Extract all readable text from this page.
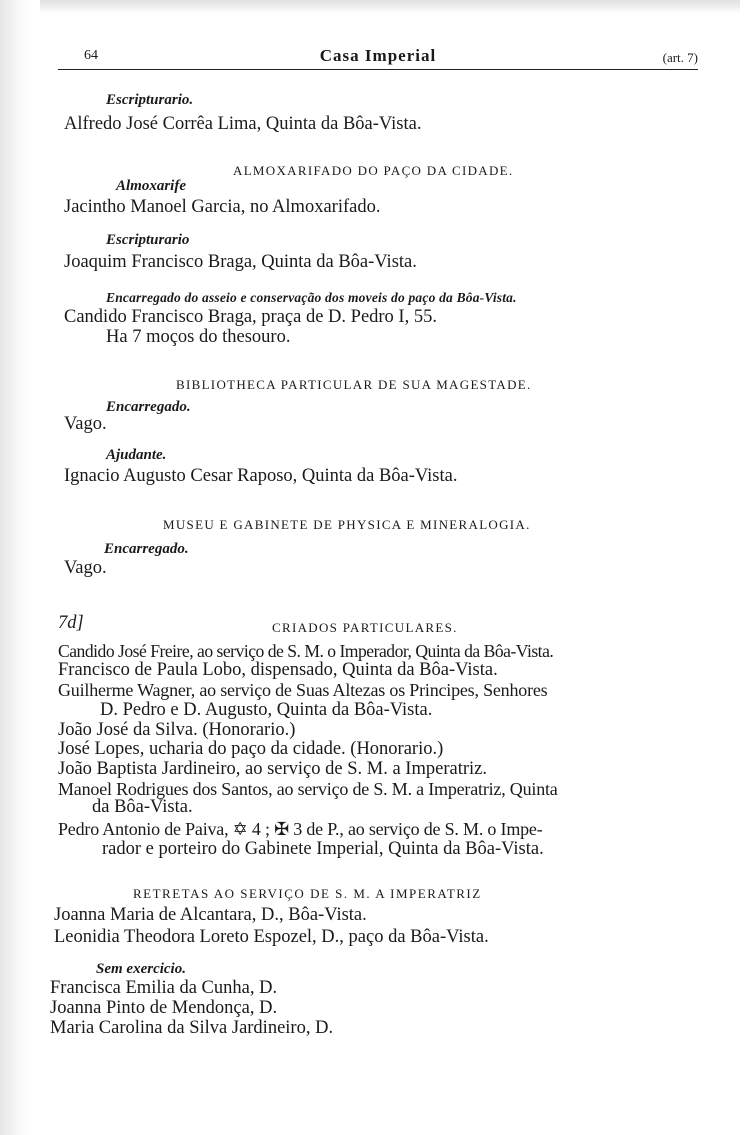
64	Casa Imperial	(art. 7)
Escripturario.
Alfredo José Corrêa Lima, Quinta da Bôa-Vista.
ALMOXARIFADO DO PAÇO DA CIDADE.
Almoxarife
Jacintho Manoel Garcia, no Almoxarifado.
Escripturario
Joaquim Francisco Braga, Quinta da Bôa-Vista.
Encarregado do asseio e conservação dos moveis do paço da Bôa-Vista.
Candido Francisco Braga, praça de D. Pedro I, 55.
Ha 7 moços do thesouro.
BIBLIOTHECA PARTICULAR DE SUA MAGESTADE.
Encarregado.
Vago.
Ajudante.
Ignacio Augusto Cesar Raposo, Quinta da Bôa-Vista.
MUSEU E GABINETE DE PHYSICA E MINERALOGIA.
Encarregado.
Vago.
7d]	CRIADOS PARTICULARES.
Candido José Freire, ao serviço de S. M. o Imperador, Quinta da Bôa-Vista.
Francisco de Paula Lobo, dispensado, Quinta da Bôa-Vista.
Guilherme Wagner, ao serviço de Suas Altezas os Principes, Senhores
D. Pedro e D. Augusto, Quinta da Bôa-Vista.
João José da Silva. (Honorario.)
José Lopes, ucharia do paço da cidade. (Honorario.)
João Baptista Jardineiro, ao serviço de S. M. a Imperatriz.
Manoel Rodrigues dos Santos, ao serviço de S. M. a Imperatriz, Quinta
da Bôa-Vista.
Pedro Antonio de Paiva, ✡ 4 ; ✠ 3 de P., ao serviço de S. M. o Impe-
rador e porteiro do Gabinete Imperial, Quinta da Bôa-Vista.
RETRETAS AO SERVIÇO DE S. M. A IMPERATRIZ
Joanna Maria de Alcantara, D., Bôa-Vista.
Leonidia Theodora Loreto Espozel, D., paço da Bôa-Vista.
Sem exercicio.
Francisca Emilia da Cunha, D.
Joanna Pinto de Mendonça, D.
Maria Carolina da Silva Jardineiro, D.
